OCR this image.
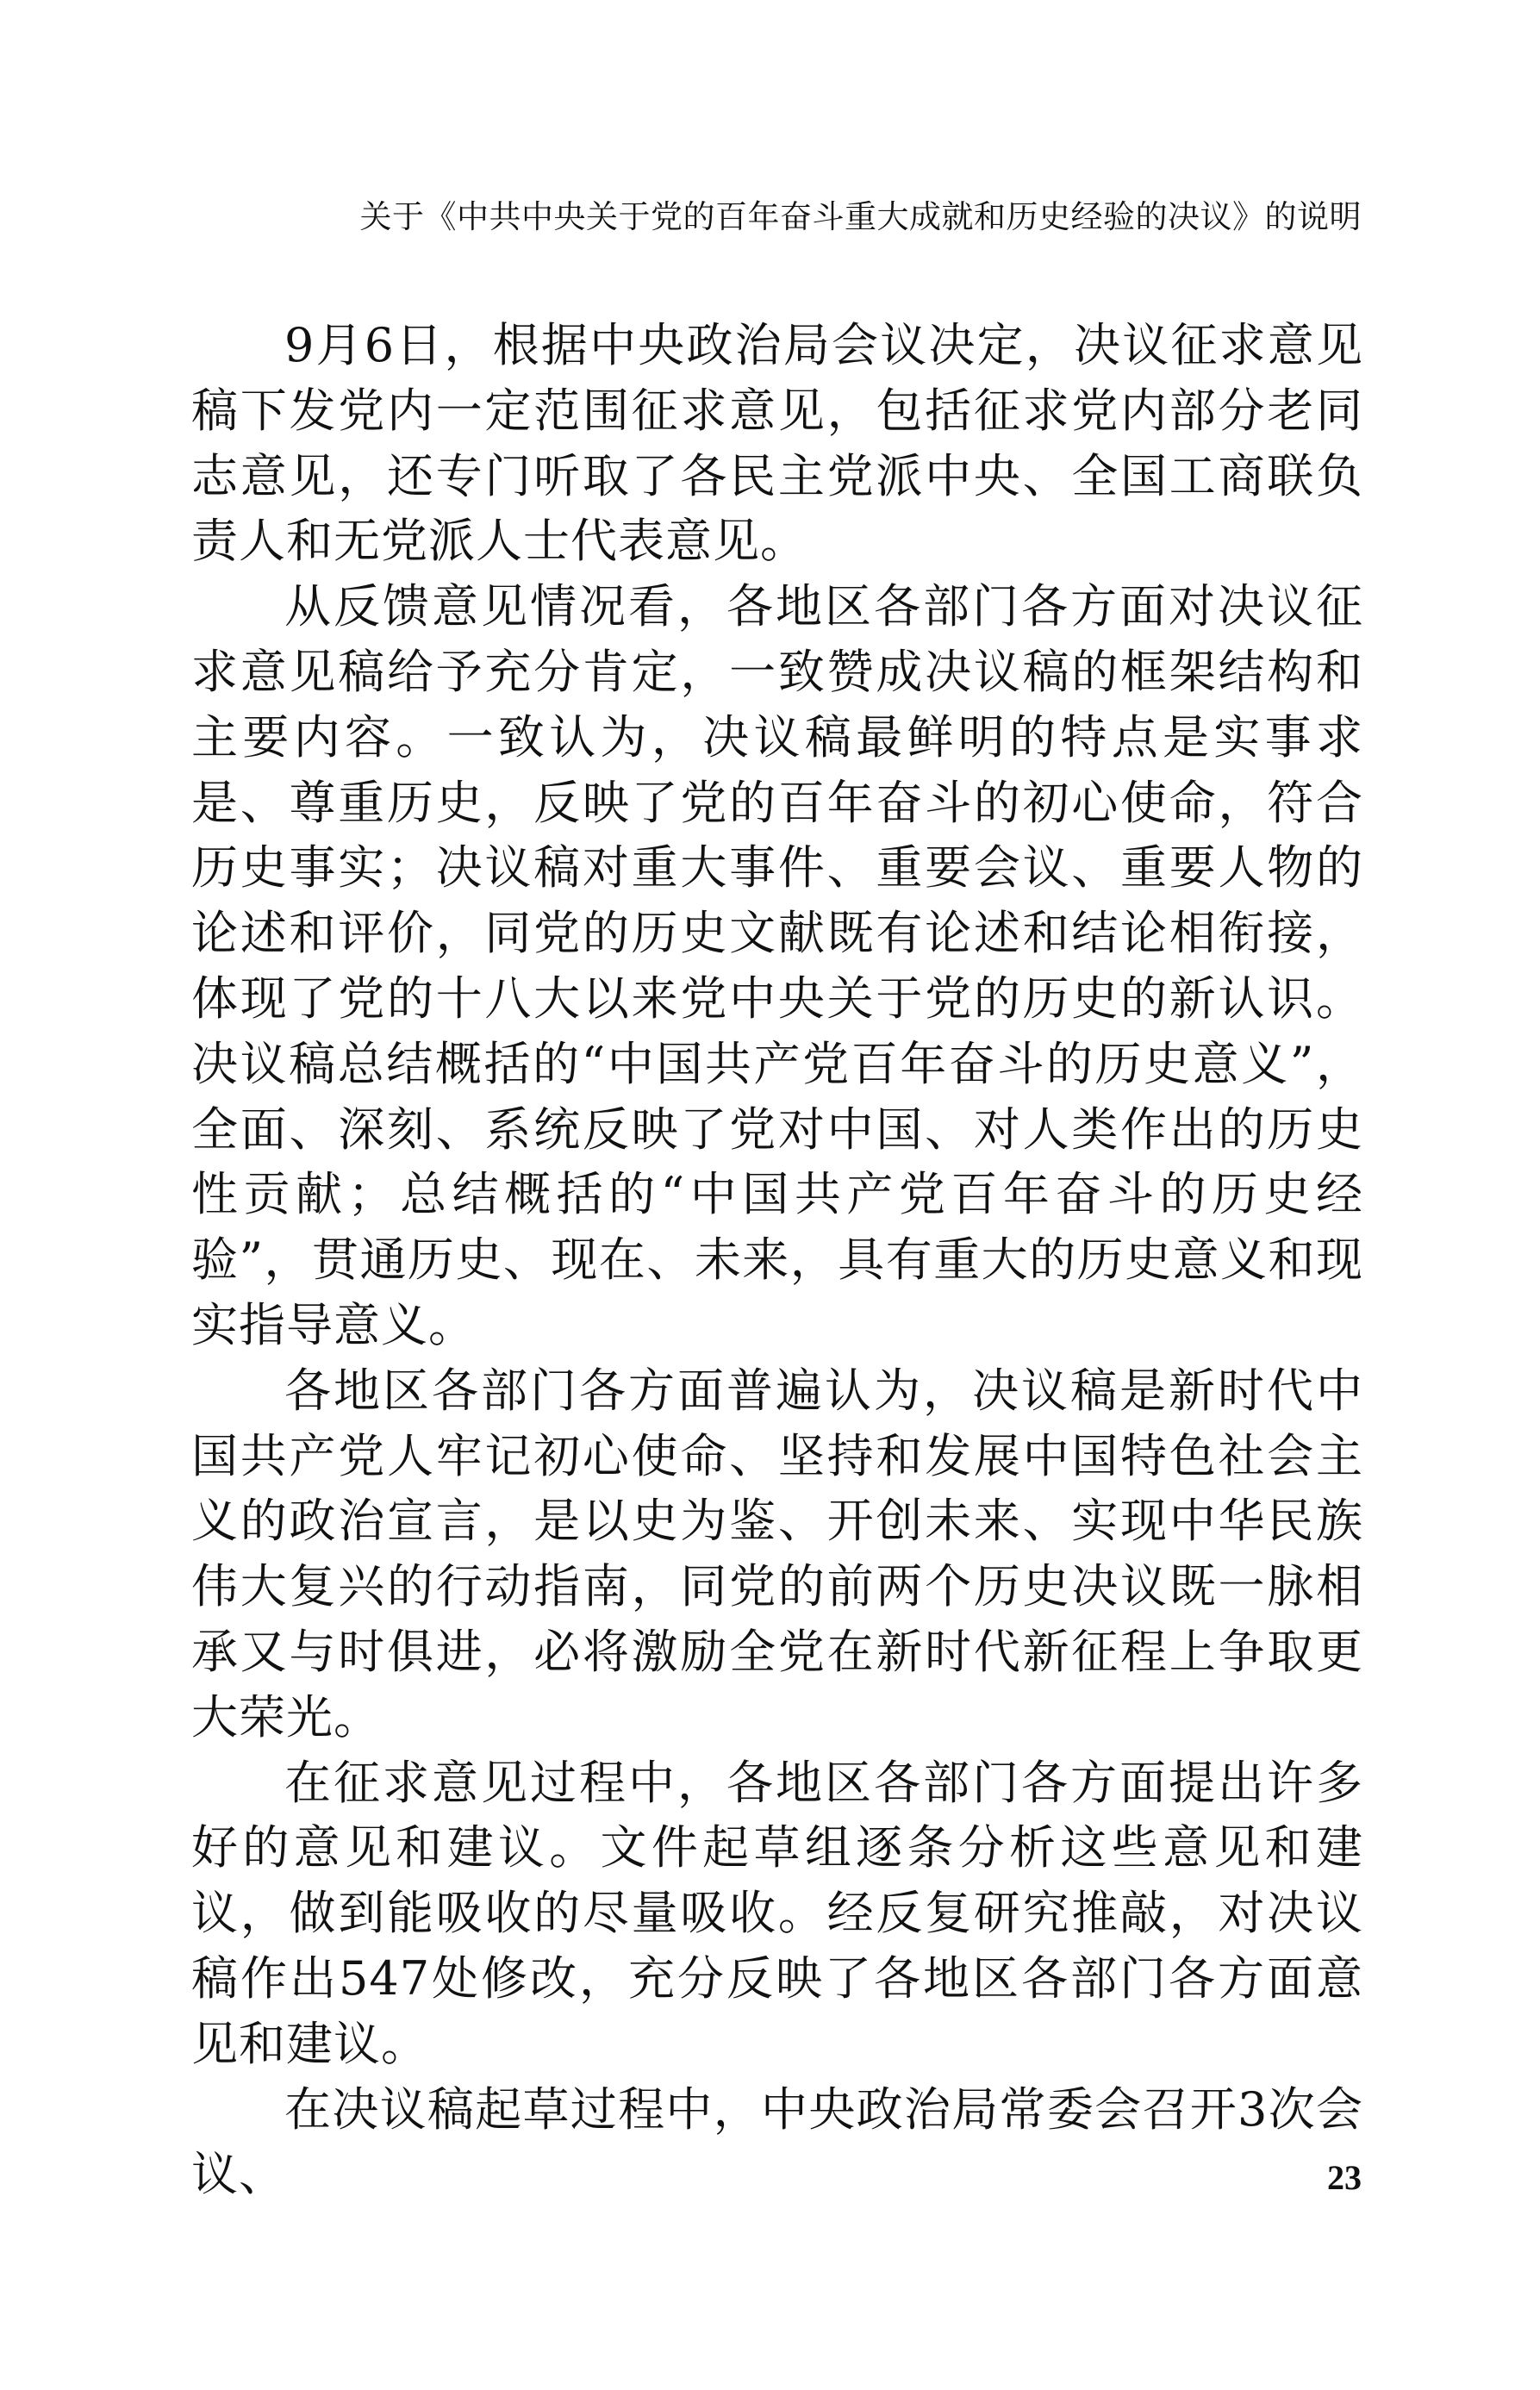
关于《中共中央关于党的百年奋斗重大成就和历史经验的决议》的说明

9月6日，根据中央政治局会议决定，决议征求意见稿下发党内一定范围征求意见，包括征求党内部分老同志意见，还专门听取了各民主党派中央、全国工商联负责人和无党派人士代表意见。

从反馈意见情况看，各地区各部门各方面对决议征求意见稿给予充分肯定，一致赞成决议稿的框架结构和主要内容。一致认为，决议稿最鲜明的特点是实事求是、尊重历史，反映了党的百年奋斗的初心使命，符合历史事实；决议稿对重大事件、重要会议、重要人物的论述和评价，同党的历史文献既有论述和结论相衔接，体现了党的十八大以来党中央关于党的历史的新认识。决议稿总结概括的“中国共产党百年奋斗的历史意义”，全面、深刻、系统反映了党对中国、对人类作出的历史性贡献；总结概括的“中国共产党百年奋斗的历史经验”，贯通历史、现在、未来，具有重大的历史意义和现实指导意义。

各地区各部门各方面普遍认为，决议稿是新时代中国共产党人牢记初心使命、坚持和发展中国特色社会主义的政治宣言，是以史为鉴、开创未来、实现中华民族伟大复兴的行动指南，同党的前两个历史决议既一脉相承又与时俱进，必将激励全党在新时代新征程上争取更大荣光。

在征求意见过程中，各地区各部门各方面提出许多好的意见和建议。文件起草组逐条分析这些意见和建议，做到能吸收的尽量吸收。经反复研究推敲，对决议稿作出547处修改，充分反映了各地区各部门各方面意见和建议。

在决议稿起草过程中，中央政治局常委会召开3次会议、	23
